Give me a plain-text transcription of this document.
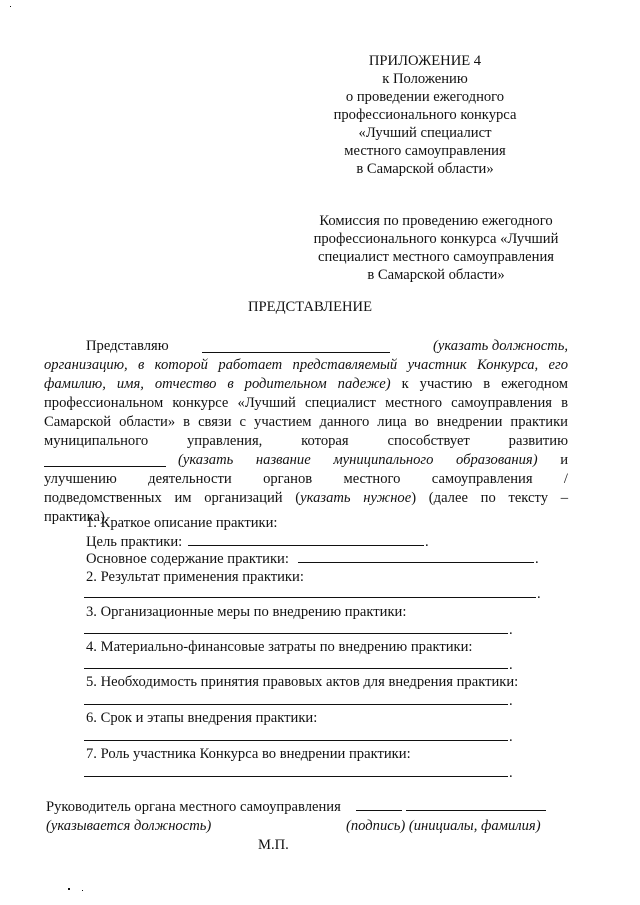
ПРИЛОЖЕНИЕ 4
к Положению
о проведении ежегодного
профессионального конкурса
«Лучший специалист
местного самоуправления
в Самарской области»
Комиссия по проведению ежегодного
профессионального конкурса «Лучший
специалист местного самоуправления
в Самарской области»
ПРЕДСТАВЛЕНИЕ
Представляю	(указать должность,
организацию, в которой работает представляемый участник Конкурса, его
фамилию, имя, отчество в родительном падеже) к участию в ежегодном
профессиональном конкурсе «Лучший специалист местного самоуправления в
Самарской области» в связи с участием данного лица во внедрении практики
муниципального       управления,       которая       способствует       развитию
(указать  название  муниципального  образования)  и
улучшению       деятельности       органов       местного       самоуправления       /
подведомственных им организаций (указать нужное) (далее по тексту –
практика).
1. Краткое описание практики:
Цель практики:	.
Основное содержание практики:	.
2. Результат применения практики:
.
3. Организационные меры по внедрению практики:
.
4. Материально-финансовые затраты по внедрению практики:
.
5. Необходимость принятия правовых актов для внедрения практики:
.
6. Срок и этапы внедрения практики:
.
7. Роль участника Конкурса во внедрении практики:
.
Руководитель органа местного самоуправления
(указывается должность)	(подпись) (инициалы, фамилия)
М.П.
